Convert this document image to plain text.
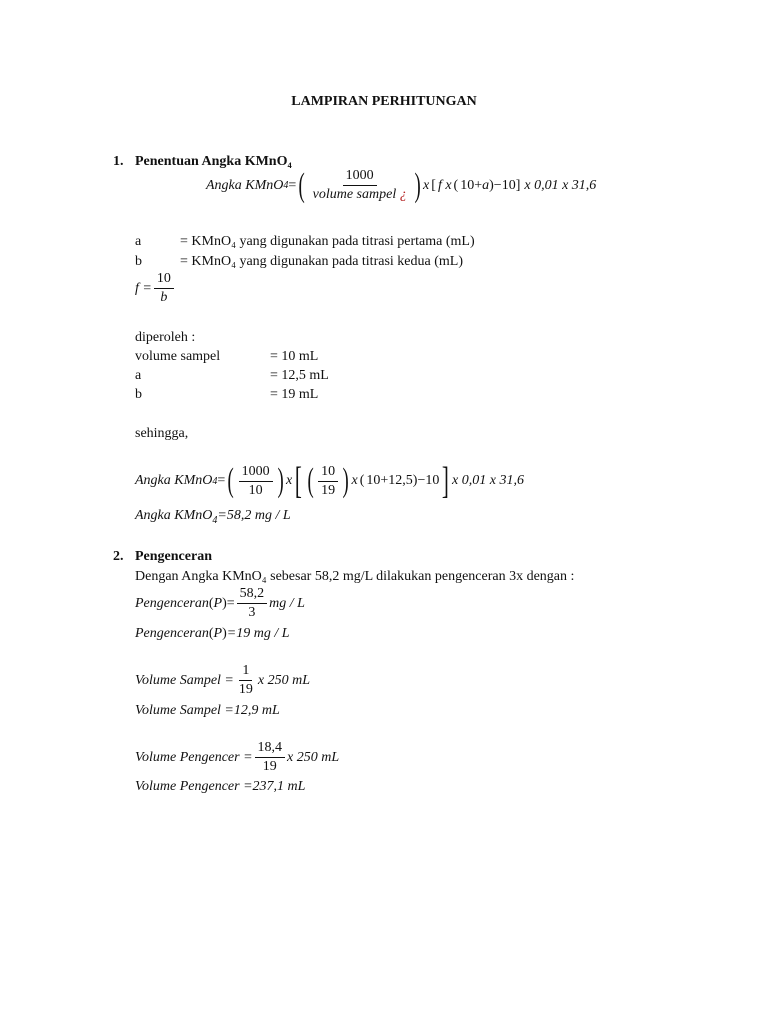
LAMPIRAN PERHITUNGAN
1. Penentuan Angka KMnO₄
Angka KMnO 4 = ( $\frac{1000}{\text{volume sampel ¿}}$ ) x [ f x ( 10+ a ) −10 ] x 0,01 x 31,6
a	= KMnO₄ yang digunakan pada titrasi pertama (mL)
b	= KMnO₄ yang digunakan pada titrasi kedua (mL)
$f = \frac{10}{b}$
diperoleh :
volume sampel	= 10 mL
a	= 12,5 mL
b	= 19 mL
sehingga,
Angka KMnO 4 = ( $\frac{1000}{10}$ ) x [ ( $\frac{10}{19}$ ) x ( 10+12,5 ) −10 ] x 0,01 x 31,6
Angka KMnO$_4$=58,2 mg / L
2. Pengenceran
Dengan Angka KMnO₄ sebesar 58,2 mg/L dilakukan pengenceran 3x dengan :
Pengenceran ( P )= $\frac{58,2}{3}$ mg / L
Pengenceran(P)=19 mg / L
Volume Sampel = $\frac{1}{19}$ x 250 mL
Volume Sampel =12,9 mL
Volume Pengencer = $\frac{18,4}{19}$ x 250 mL
Volume Pengencer =237,1 mL
